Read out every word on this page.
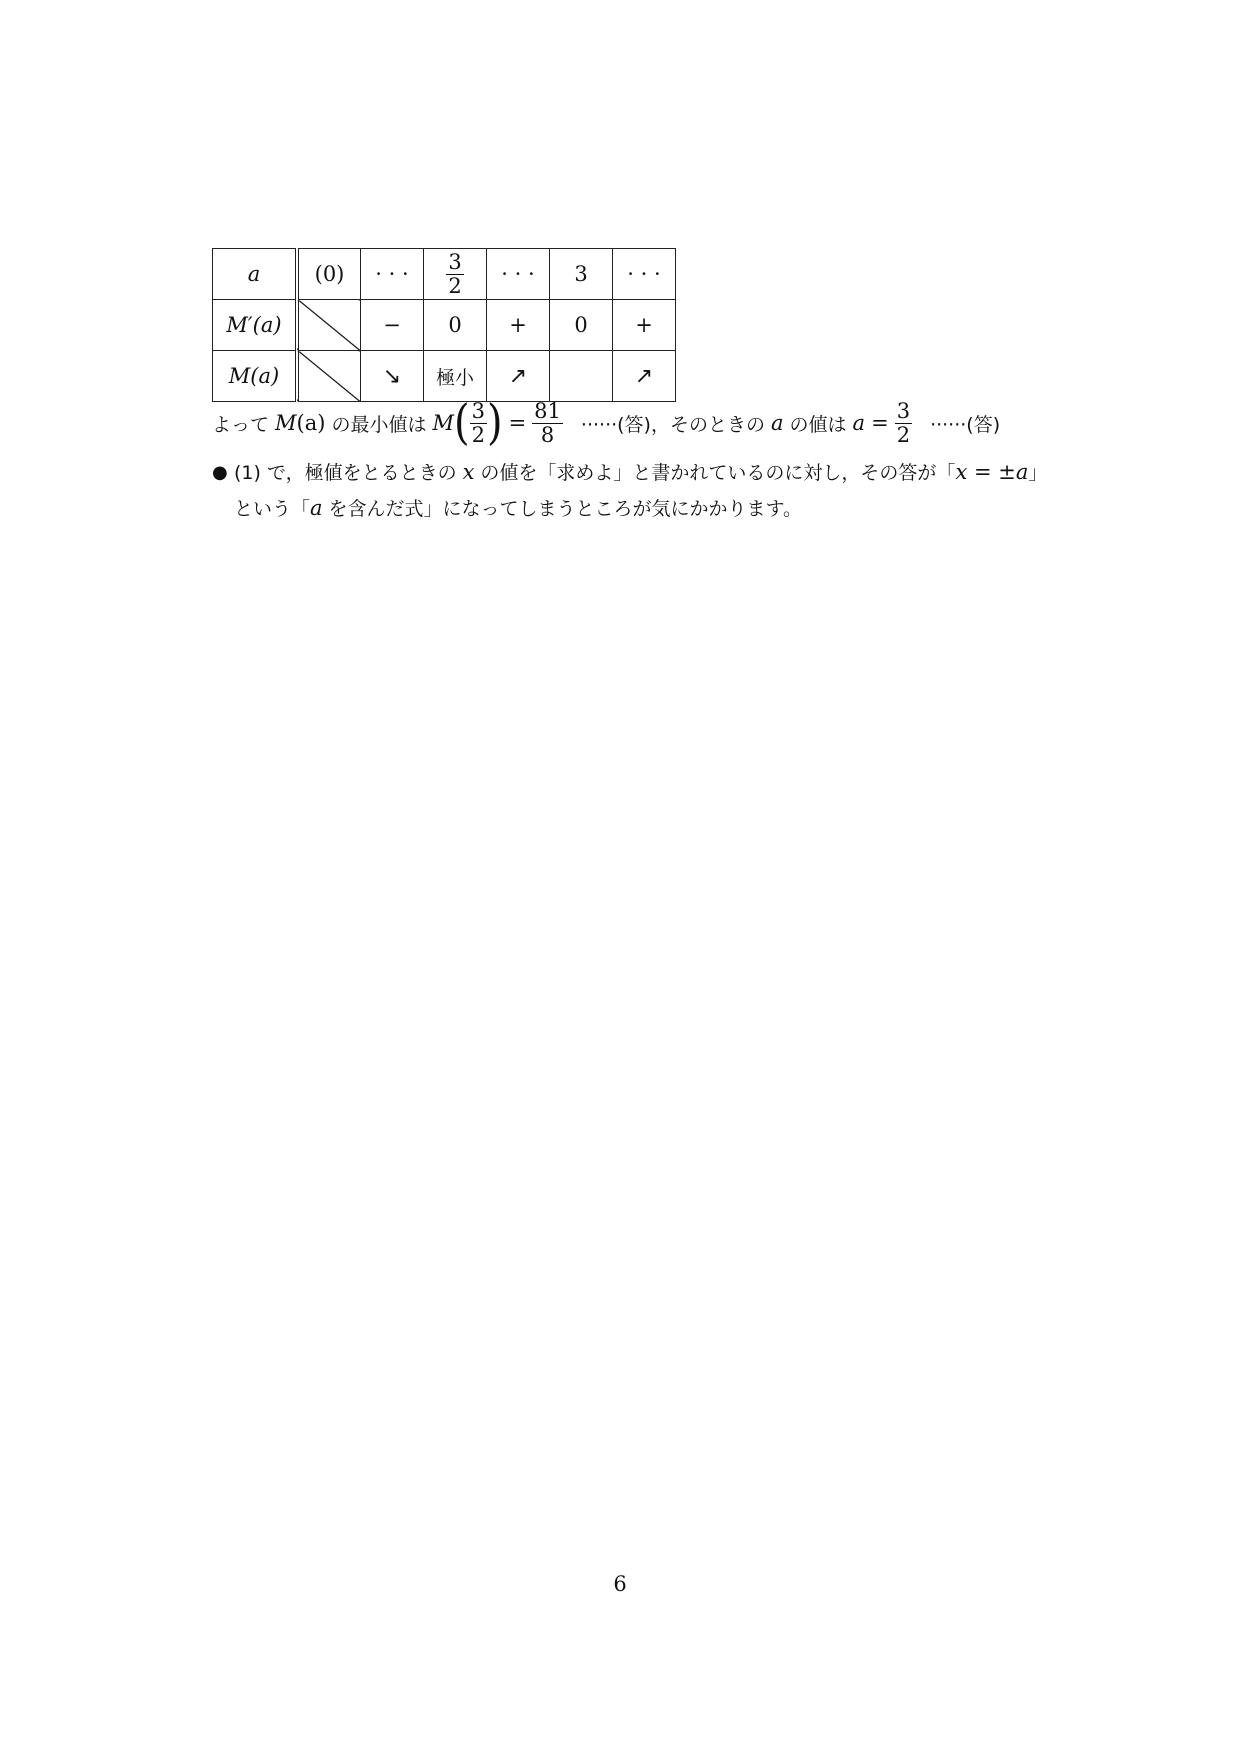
a	(0)	· · ·	$\frac{3}{2}$	· · ·	3	· · ·
M′(a)		−	0	+	0	+
M(a)		↘	極小	↗		↗
よって M (a) の最小値は M ( $\frac{3}{2}$ ) = $\frac{81}{8}$ ······(答) ，そのときの a の値は $a = \frac{3}{2}$ ······(答)
● (1) で，極値をとるときの x の値を「求めよ」と書かれているのに対し，その答が「 x = ±a 」
という「 a を含んだ式」になってしまうところが気にかかります。
6
